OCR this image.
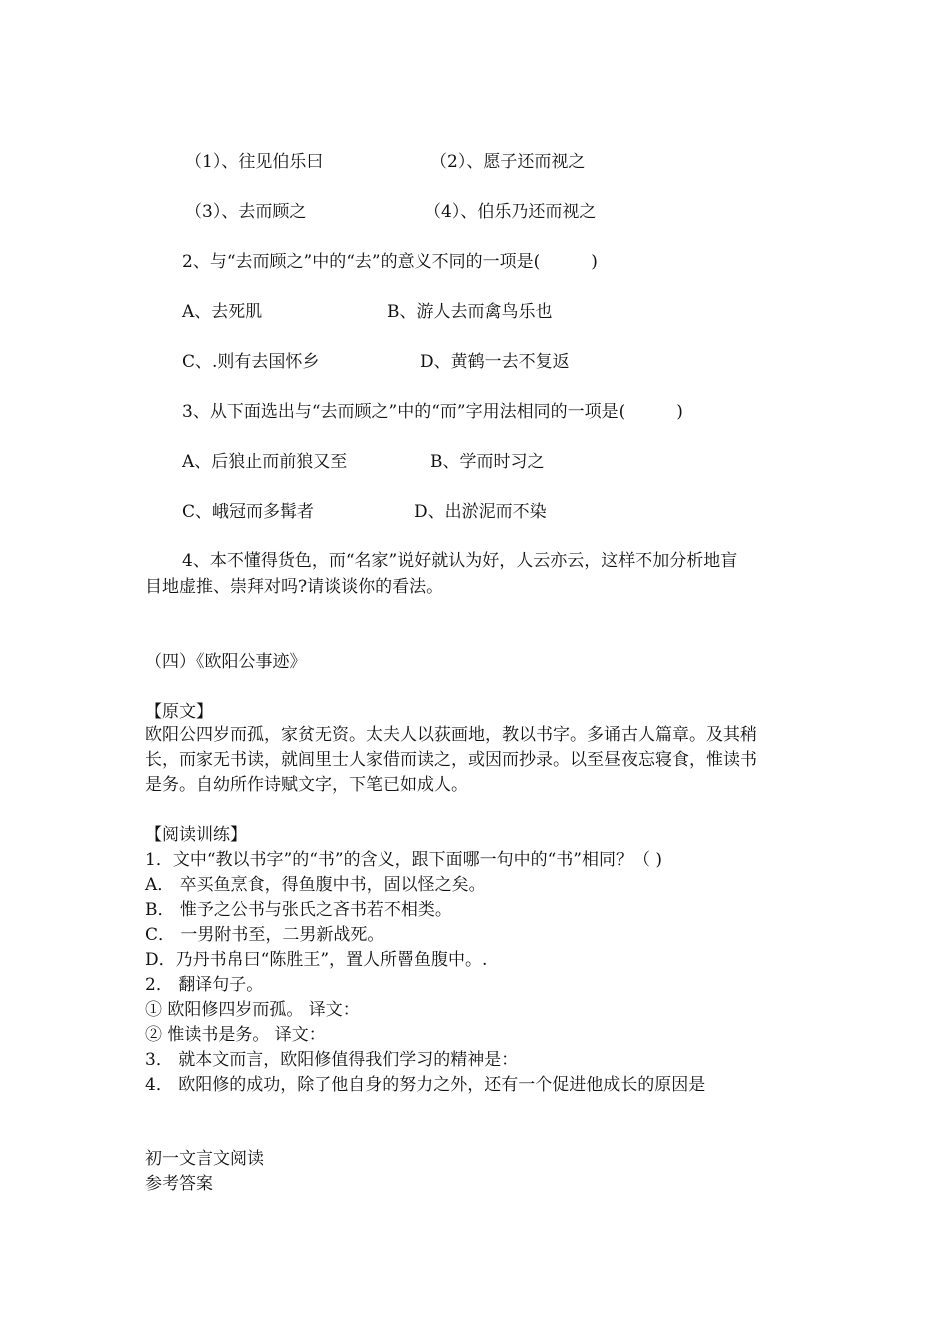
（1）、往见伯乐曰	（2）、愿子还而视之
（3）、去而顾之	（4）、伯乐乃还而视之
2、与“去而顾之”中的“去”的意义不同的一项是(　　　)
A、去死肌	B、游人去而禽鸟乐也
C、.则有去国怀乡	D、黄鹤一去不复返
3、从下面选出与“去而顾之”中的“而”字用法相同的一项是(　　　)
A、后狼止而前狼又至	B、学而时习之
C、峨冠而多髯者	D、出淤泥而不染
4、本不懂得货色，而“名家”说好就认为好，人云亦云，这样不加分析地盲
目地虚推、崇拜对吗?请谈谈你的看法。
（四）《欧阳公事迹》
【原文】
欧阳公四岁而孤，家贫无资。太夫人以荻画地，教以书字。多诵古人篇章。及其稍
长，而家无书读，就闾里士人家借而读之，或因而抄录。以至昼夜忘寝食，惟读书
是务。自幼所作诗赋文字，下笔已如成人。
【阅读训练】
1．文中“教以书字”的“书”的含义，跟下面哪一句中的“书”相同？（ )
A． 卒买鱼烹食，得鱼腹中书，固以怪之矣。
B． 惟予之公书与张氏之吝书若不相类。
C． 一男附书至，二男新战死。
D．乃丹书帛曰“陈胜王”，置人所罾鱼腹中。.
2． 翻译句子。
① 欧阳修四岁而孤。 译文：
② 惟读书是务。 译文：
3． 就本文而言，欧阳修值得我们学习的精神是：
4． 欧阳修的成功，除了他自身的努力之外，还有一个促进他成长的原因是
初一文言文阅读
参考答案
